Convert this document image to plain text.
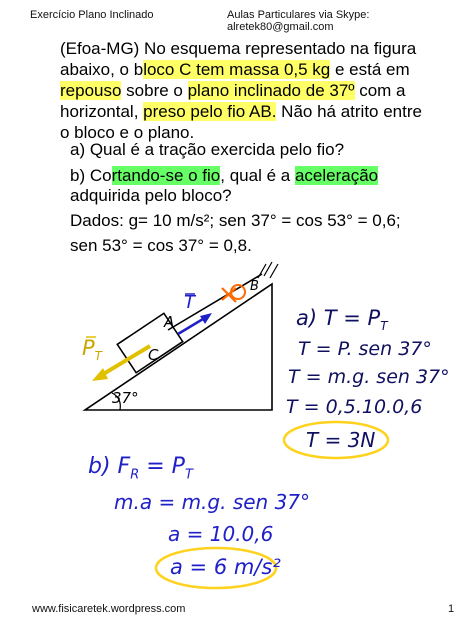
Exercício Plano Inclinado	Aulas Particulares via Skype: alretek80@gmail.com
(Efoa-MG) No esquema representado na figura
abaixo, o bloco C tem massa 0,5 kg e está em
repouso sobre o plano inclinado de 37º com a
horizontal, preso pelo fio AB. Não há atrito entre
o bloco e o plano.
a) Qual é a tração exercida pelo fio?
b) Cortando-se o fio, qual é a aceleração
adquirida pelo bloco?
Dados: g= 10 m/s²; sen 37° = cos 53° = 0,6;
sen 53° = cos 37° = 0,8.
C
A
B
37°
T
$P_T$
a) $T = P_T$
T = P. sen 37°
T = m.g. sen 37°
T = 0,5.10.0,6
T = 3N
b) $F_R = P_T$
m.a = m.g. sen 37°
a = 10.0,6
a = 6 m/s²
www.fisicaretek.wordpress.com	1
